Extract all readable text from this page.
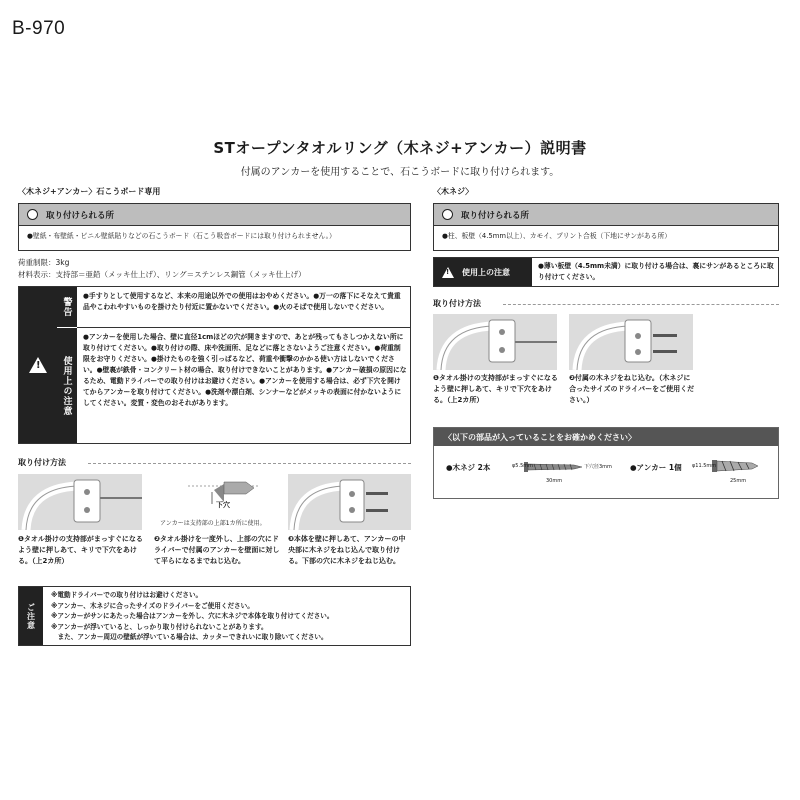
B-970
STオープンタオルリング（木ネジ+アンカー）説明書
付属のアンカーを使用することで、石こうボードに取り付けられます。
〈木ネジ+アンカー〉石こうボード専用
取り付けられる所
●壁紙・布壁紙・ビニル壁紙貼りなどの石こうボード（石こう吸音ボードには取り付けられません。）
荷重制限：3kg
材料表示：支持部＝亜鉛（メッキ仕上げ）、リング＝ステンレス鋼管（メッキ仕上げ）
!
警告
使用上の注意
●手すりとして使用するなど、本来の用途以外での使用はおやめください。●万一の落下にそなえて貴重品やこわれやすいものを掛けたり付近に置かないでください。●火のそばで使用しないでください。
●アンカーを使用した場合、壁に直径1cmほどの穴が開きますので、あとが残ってもさしつかえない所に取り付けてください。●取り付けの際、床や洗面所、足などに落とさないようご注意ください。●荷重制限をお守りください。●掛けたものを強く引っぱるなど、荷重や衝撃のかかる使い方はしないでください。●壁裏が鉄骨・コンクリート材の場合、取り付けできないことがあります。●アンカー破損の原因になるため、電動ドライバーでの取り付けはお避けください。●アンカーを使用する場合は、必ず下穴を開けてからアンカーを取り付けてください。●洗剤や漂白剤、シンナーなどがメッキの表面に付かないようにしてください。変質・変色のおそれがあります。
取り付け方法
下穴
アンカーは支持部の上部1カ所に使用。
❶タオル掛けの支持部がまっすぐになるよう壁に押しあて、キリで下穴をあける。（上2カ所）
❷タオル掛けを一度外し、上部の穴にドライバーで付属のアンカーを壁面に対して平らになるまでねじ込む。
❸本体を壁に押しあて、アンカーの中央部に木ネジをねじ込んで取り付ける。下部の穴に木ネジをねじ込む。
ご注意
※電動ドライバーでの取り付けはお避けください。
※アンカー、木ネジに合ったサイズのドライバーをご使用ください。
※アンカーがサンにあたった場合はアンカーを外し、穴に木ネジで本体を取り付けてください。
※アンカーが浮いていると、しっかり取り付けられないことがあります。
　また、アンカー周辺の壁紙が浮いている場合は、カッターできれいに取り除いてください。
〈木ネジ〉
取り付けられる所
●柱、板壁（4.5mm以上）、カモイ、プリント合板（下地にサンがある所）
! 使用上の注意
●薄い板壁（4.5mm未満）に取り付ける場合は、裏にサンがあるところに取り付けてください。
取り付け方法
❶タオル掛けの支持部がまっすぐになるよう壁に押しあて、キリで下穴をあける。（上2カ所）
❷付属の木ネジをねじ込む。（木ネジに合ったサイズのドライバーをご使用ください。）
〈以下の部品が入っていることをお確かめください〉
●木ネジ 2本	φ5.5mm	下穴径3mm
30mm
●アンカー 1個 φ11.5mm
25mm
